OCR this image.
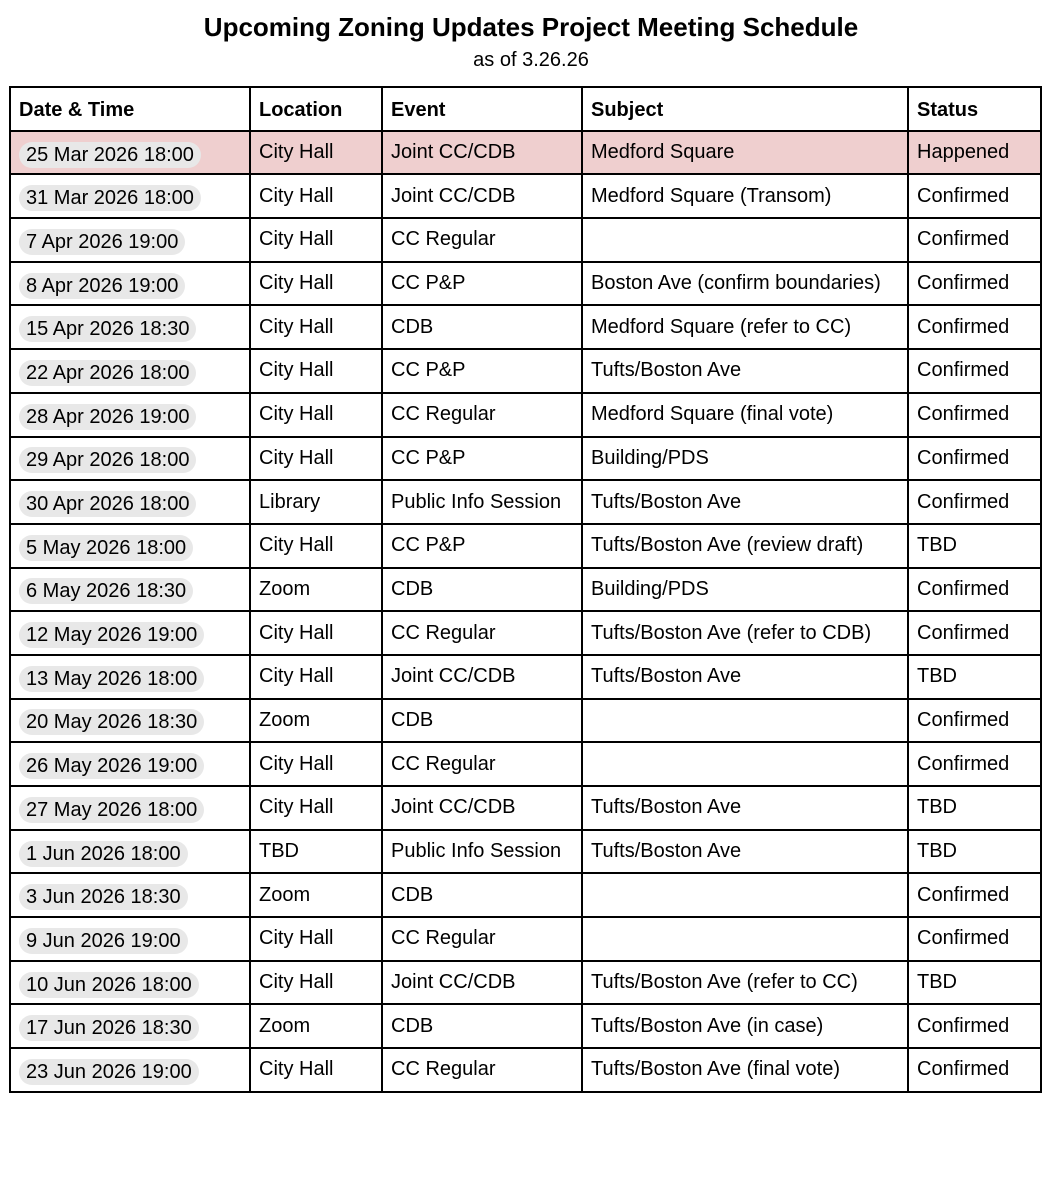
Upcoming Zoning Updates Project Meeting Schedule
as of 3.26.26
Date & Time	Location	Event	Subject	Status
25 Mar 2026 18:00	City Hall	Joint CC/CDB	Medford Square	Happened
31 Mar 2026 18:00	City Hall	Joint CC/CDB	Medford Square (Transom)	Confirmed
7 Apr 2026 19:00	City Hall	CC Regular		Confirmed
8 Apr 2026 19:00	City Hall	CC P&P	Boston Ave (confirm boundaries)	Confirmed
15 Apr 2026 18:30	City Hall	CDB	Medford Square (refer to CC)	Confirmed
22 Apr 2026 18:00	City Hall	CC P&P	Tufts/Boston Ave	Confirmed
28 Apr 2026 19:00	City Hall	CC Regular	Medford Square (final vote)	Confirmed
29 Apr 2026 18:00	City Hall	CC P&P	Building/PDS	Confirmed
30 Apr 2026 18:00	Library	Public Info Session	Tufts/Boston Ave	Confirmed
5 May 2026 18:00	City Hall	CC P&P	Tufts/Boston Ave (review draft)	TBD
6 May 2026 18:30	Zoom	CDB	Building/PDS	Confirmed
12 May 2026 19:00	City Hall	CC Regular	Tufts/Boston Ave (refer to CDB)	Confirmed
13 May 2026 18:00	City Hall	Joint CC/CDB	Tufts/Boston Ave	TBD
20 May 2026 18:30	Zoom	CDB		Confirmed
26 May 2026 19:00	City Hall	CC Regular		Confirmed
27 May 2026 18:00	City Hall	Joint CC/CDB	Tufts/Boston Ave	TBD
1 Jun 2026 18:00	TBD	Public Info Session	Tufts/Boston Ave	TBD
3 Jun 2026 18:30	Zoom	CDB		Confirmed
9 Jun 2026 19:00	City Hall	CC Regular		Confirmed
10 Jun 2026 18:00	City Hall	Joint CC/CDB	Tufts/Boston Ave (refer to CC)	TBD
17 Jun 2026 18:30	Zoom	CDB	Tufts/Boston Ave (in case)	Confirmed
23 Jun 2026 19:00	City Hall	CC Regular	Tufts/Boston Ave (final vote)	Confirmed
